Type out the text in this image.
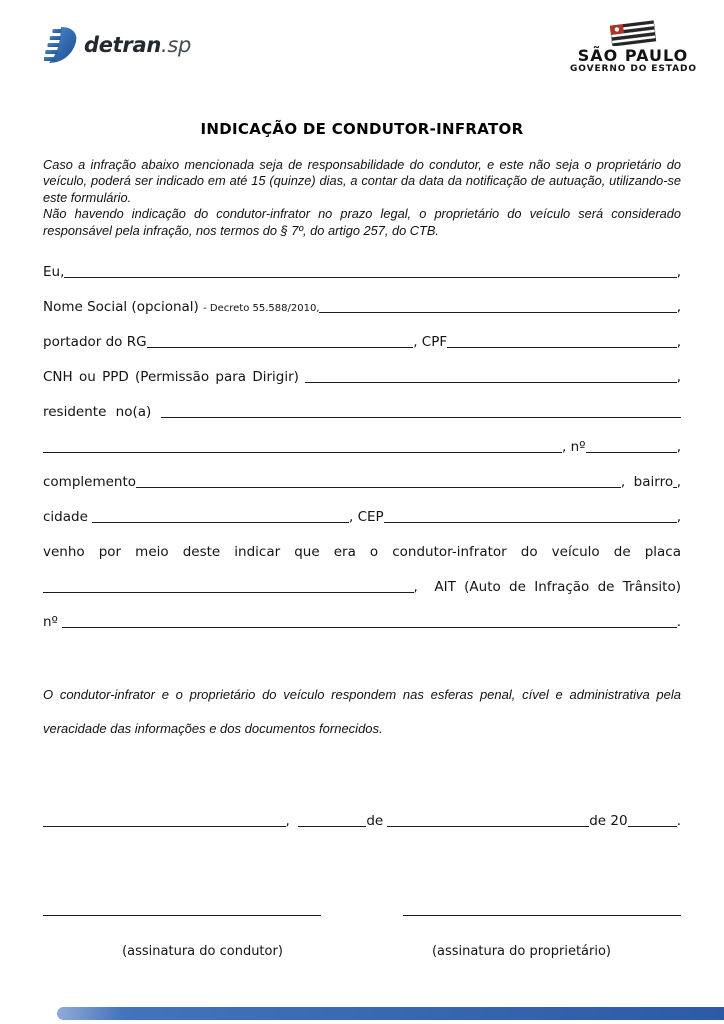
detran .sp	SÃO PAULO
GOVERNO DO ESTADO
INDICAÇÃO DE CONDUTOR-INFRATOR

Caso a infração abaixo mencionada seja de responsabilidade do condutor, e este não seja o proprietário do veículo, poderá ser indicado em até 15 (quinze) dias, a contar da data da notificação de autuação, utilizando-se este formulário.

Não havendo indicação do condutor-infrator no prazo legal, o proprietário do veículo será considerado responsável pela infração, nos termos do § 7º, do artigo 257, do CTB.

Eu,	,
Nome Social (opcional) - Decreto 55.588/2010,	,
portador do RG	, CPF	,
CNH ou PPD (Permissão para Dirigir)	,
residente no(a)
, nº	,
complemento	,  bairro ,
cidade	, CEP	,
venho por meio deste indicar que era o condutor-infrator do veículo de placa
,  AIT (Auto de Infração de Trânsito)
nº	.
O condutor-infrator e o proprietário do veículo respondem nas esferas penal, cível e administrativa pela veracidade das informações e dos documentos fornecidos.
,	de	de 20	.
(assinatura do condutor)	(assinatura do proprietário)
